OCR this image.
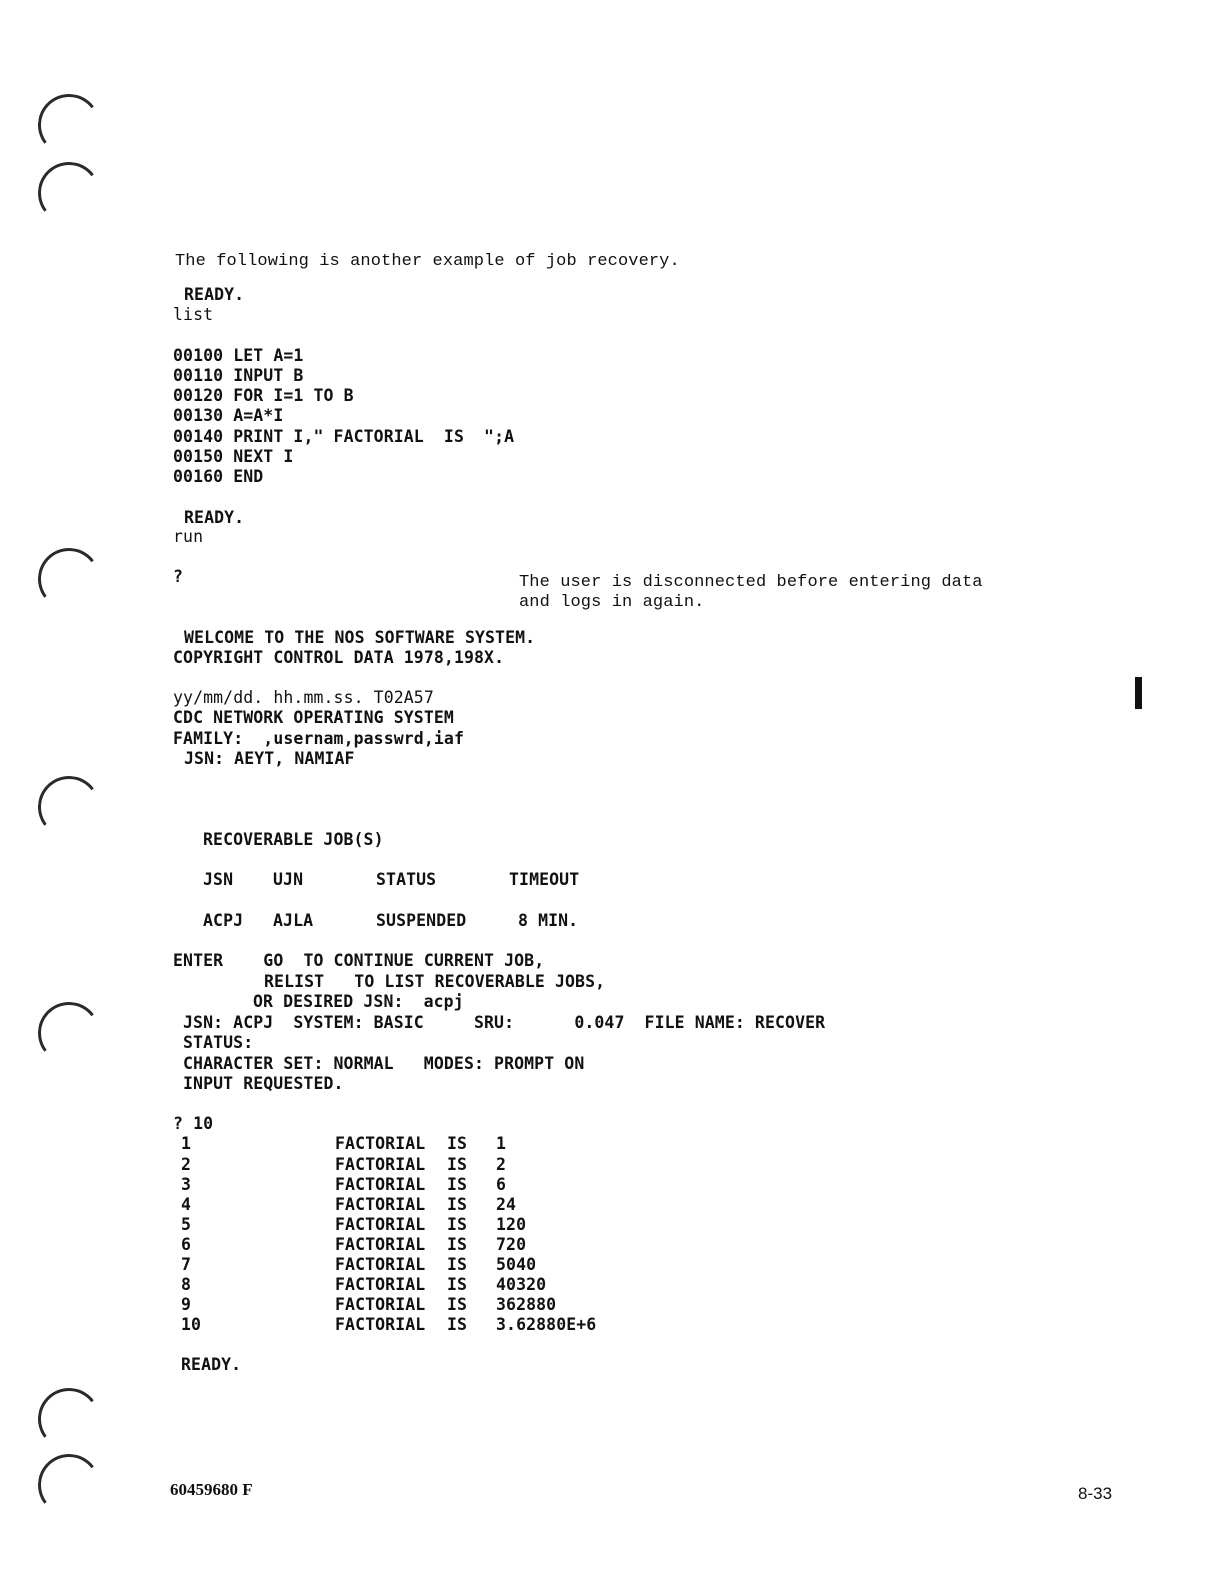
The following is another example of job recovery.
READY.
list
00100 LET A=1
00110 INPUT B
00120 FOR I=1 TO B
00130 A=A*I
00140 PRINT I," FACTORIAL  IS  ";A
00150 NEXT I
00160 END
READY.
run
?	The user is disconnected before entering data
and logs in again.
WELCOME TO THE NOS SOFTWARE SYSTEM.
COPYRIGHT CONTROL DATA 1978,198X.
yy/mm/dd. hh.mm.ss. T02A57
CDC NETWORK OPERATING SYSTEM
FAMILY:  ,usernam,passwrd,iaf
JSN: AEYT, NAMIAF
RECOVERABLE JOB(S)
JSN UJN	STATUS	TIMEOUT
ACPJ AJLA	SUSPENDED	8 MIN.
ENTER    GO  TO CONTINUE CURRENT JOB,
RELIST   TO LIST RECOVERABLE JOBS,
OR DESIRED JSN:  acpj
JSN: ACPJ  SYSTEM: BASIC     SRU:      0.047  FILE NAME: RECOVER
STATUS:
CHARACTER SET: NORMAL   MODES: PROMPT ON
INPUT REQUESTED.
? 10
1	FACTORIAL IS 1
2	FACTORIAL IS 2
3	FACTORIAL IS 6
4	FACTORIAL IS 24
5	FACTORIAL IS 120
6	FACTORIAL IS 720
7	FACTORIAL IS 5040
8	FACTORIAL IS 40320
9	FACTORIAL IS 362880
10	FACTORIAL IS 3.62880E+6
READY.
60459680 F	8-33
